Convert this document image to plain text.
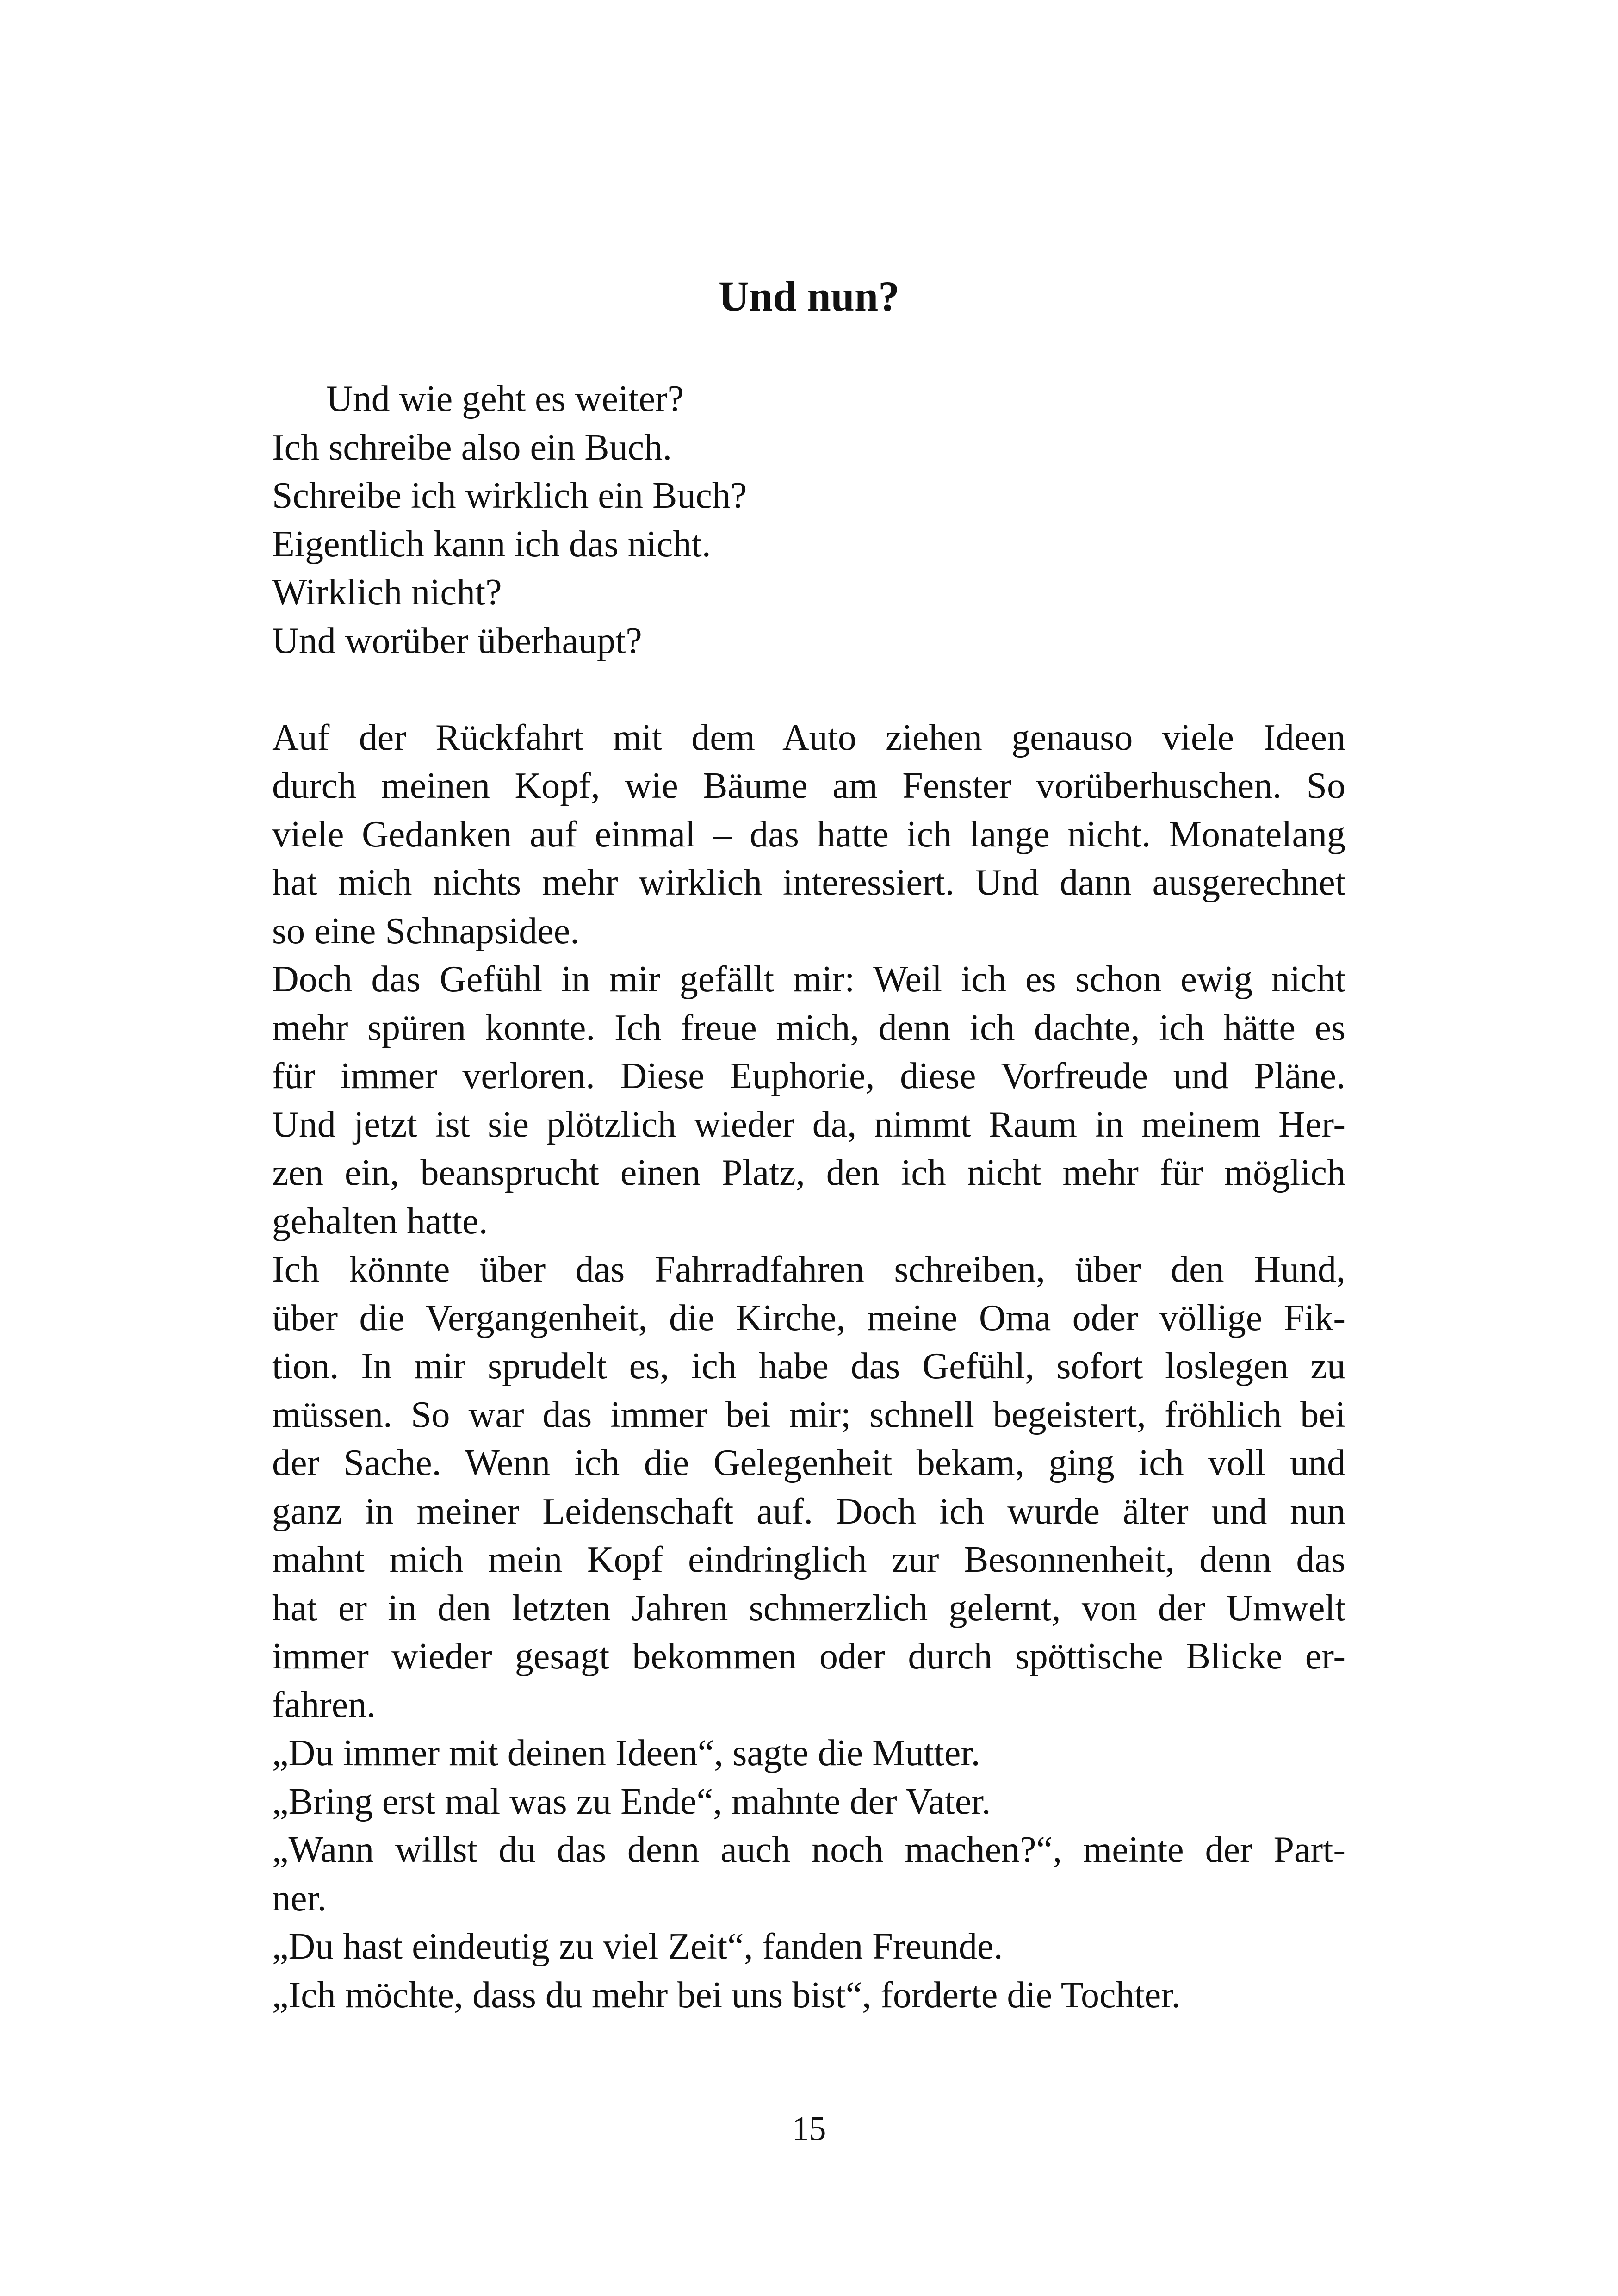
Und nun?
Und wie geht es weiter?
Ich schreibe also ein Buch.
Schreibe ich wirklich ein Buch?
Eigentlich kann ich das nicht.
Wirklich nicht?
Und worüber überhaupt?
Auf der Rückfahrt mit dem Auto ziehen genauso viele Ideen
durch meinen Kopf, wie Bäume am Fenster vorüberhuschen. So
viele Gedanken auf einmal – das hatte ich lange nicht. Monatelang
hat mich nichts mehr wirklich interessiert. Und dann ausgerechnet
so eine Schnapsidee.
Doch das Gefühl in mir gefällt mir: Weil ich es schon ewig nicht
mehr spüren konnte. Ich freue mich, denn ich dachte, ich hätte es
für immer verloren. Diese Euphorie, diese Vorfreude und Pläne.
Und jetzt ist sie plötzlich wieder da, nimmt Raum in meinem Her-
zen ein, beansprucht einen Platz, den ich nicht mehr für möglich
gehalten hatte.
Ich könnte über das Fahrradfahren schreiben, über den Hund,
über die Vergangenheit, die Kirche, meine Oma oder völlige Fik-
tion. In mir sprudelt es, ich habe das Gefühl, sofort loslegen zu
müssen. So war das immer bei mir; schnell begeistert, fröhlich bei
der Sache. Wenn ich die Gelegenheit bekam, ging ich voll und
ganz in meiner Leidenschaft auf. Doch ich wurde älter und nun
mahnt mich mein Kopf eindringlich zur Besonnenheit, denn das
hat er in den letzten Jahren schmerzlich gelernt, von der Umwelt
immer wieder gesagt bekommen oder durch spöttische Blicke er-
fahren.
„Du immer mit deinen Ideen“, sagte die Mutter.
„Bring erst mal was zu Ende“, mahnte der Vater.
„Wann willst du das denn auch noch machen?“, meinte der Part-
ner.
„Du hast eindeutig zu viel Zeit“, fanden Freunde.
„Ich möchte, dass du mehr bei uns bist“, forderte die Tochter.
15
